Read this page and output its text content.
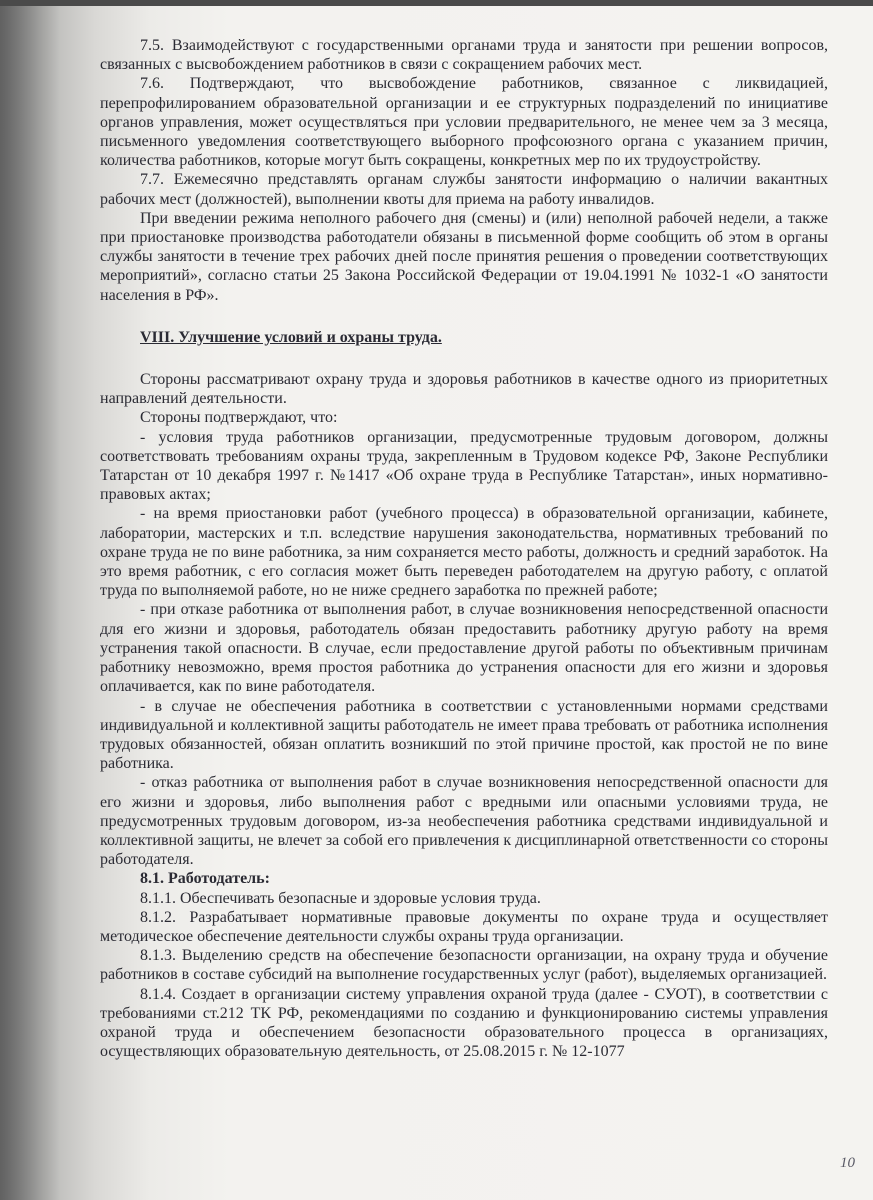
7.5. Взаимодействуют с государственными органами труда и занятости при решении вопросов, связанных с высвобождением работников в связи с сокращением рабочих мест.

7.6. Подтверждают, что высвобождение работников, связанное с ликвидацией, перепрофилированием образовательной организации и ее структурных подразделений по инициативе органов управления, может осуществляться при условии предварительного, не менее чем за 3 месяца, письменного уведомления соответствующего выборного профсоюзного органа с указанием причин, количества работников, которые могут быть сокращены, конкретных мер по их трудоустройству.

7.7. Ежемесячно представлять органам службы занятости информацию о наличии вакантных рабочих мест (должностей), выполнении квоты для приема на работу инвалидов.

При введении режима неполного рабочего дня (смены) и (или) неполной рабочей недели, а также при приостановке производства работодатели обязаны в письменной форме сообщить об этом в органы службы занятости в течение трех рабочих дней после принятия решения о проведении соответствующих мероприятий», согласно статьи 25 Закона Российской Федерации от 19.04.1991 № 1032-1 «О занятости населения в РФ».

VIII. Улучшение условий и охраны труда.

Стороны рассматривают охрану труда и здоровья работников в качестве одного из приоритетных направлений деятельности.

Стороны подтверждают, что:

- условия труда работников организации, предусмотренные трудовым договором, должны соответствовать требованиям охраны труда, закрепленным в Трудовом кодексе РФ, Законе Республики Татарстан от 10 декабря 1997 г. №1417 «Об охране труда в Республике Татарстан», иных нормативно-правовых актах;

- на время приостановки работ (учебного процесса) в образовательной организации, кабинете, лаборатории, мастерских и т.п. вследствие нарушения законодательства, нормативных требований по охране труда не по вине работника, за ним сохраняется место работы, должность и средний заработок. На это время работник, с его согласия может быть переведен работодателем на другую работу, с оплатой труда по выполняемой работе, но не ниже среднего заработка по прежней работе;

- при отказе работника от выполнения работ, в случае возникновения непосредственной опасности для его жизни и здоровья, работодатель обязан предоставить работнику другую работу на время устранения такой опасности. В случае, если предоставление другой работы по объективным причинам работнику невозможно, время простоя работника до устранения опасности для его жизни и здоровья оплачивается, как по вине работодателя.

- в случае не обеспечения работника в соответствии с установленными нормами средствами индивидуальной и коллективной защиты работодатель не имеет права требовать от работника исполнения трудовых обязанностей, обязан оплатить возникший по этой причине простой, как простой не по вине работника.

- отказ работника от выполнения работ в случае возникновения непосредственной опасности для его жизни и здоровья, либо выполнения работ с вредными или опасными условиями труда, не предусмотренных трудовым договором, из-за необеспечения работника средствами индивидуальной и коллективной защиты, не влечет за собой его привлечения к дисциплинарной ответственности со стороны работодателя.

8.1. Работодатель:

8.1.1. Обеспечивать безопасные и здоровые условия труда.

8.1.2. Разрабатывает нормативные правовые документы по охране труда и осуществляет методическое обеспечение деятельности службы охраны труда организации.

8.1.3. Выделению средств на обеспечение безопасности организации, на охрану труда и обучение работников в составе субсидий на выполнение государственных услуг (работ), выделяемых организацией.

8.1.4. Создает в организации систему управления охраной труда (далее - СУОТ), в соответствии с требованиями ст.212 ТК РФ, рекомендациями по созданию и функционированию системы управления охраной труда и обеспечением безопасности образовательного процесса в организациях, осуществляющих образовательную деятельность, от 25.08.2015 г. № 12-1077

10
